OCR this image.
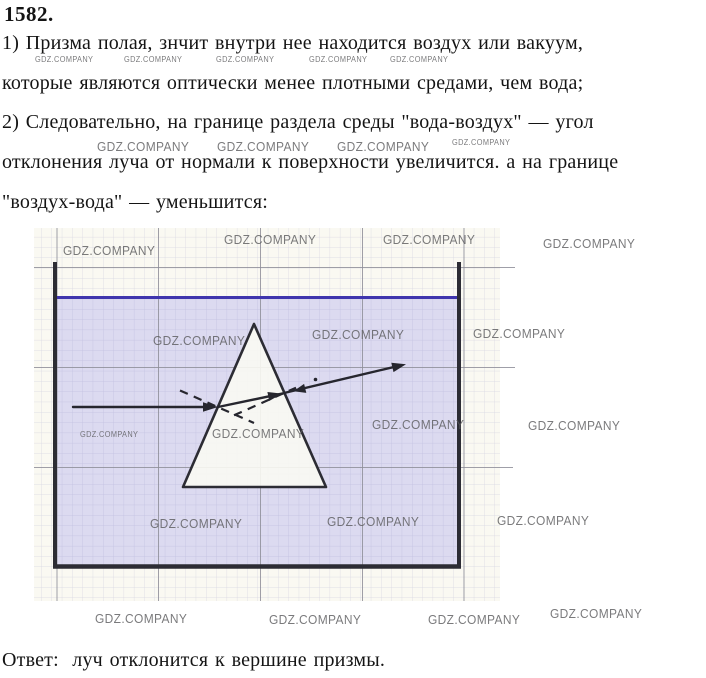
1582.
1) Призма полая, знчит внутри нее находится воздух или вакуум,
которые являются оптически менее плотными средами, чем вода;
2) Следовательно, на границе раздела среды "вода-воздух" — угол
отклонения луча от нормали к поверхности увеличится. а на границе
"воздух-вода" — уменьшится:
Ответ:  луч отклонится к вершине призмы.
GDZ.COMPANY	GDZ.COMPANY	GDZ.COMPANY	GDZ.COMPANY	GDZ.COMPANY
GDZ.COMPANY GDZ.COMPANY GDZ.COMPANY	GDZ.COMPANY
GDZ.COMPANY
GDZ.COMPANY	GDZ.COMPANY	GDZ.COMPANY
GDZ.COMPANY	GDZ.COMPANY	GDZ.COMPANY
GDZ.COMPANY	GDZ.COMPANY
GDZ.COMPANY	GDZ.COMPANY
GDZ.COMPANY	GDZ.COMPANY	GDZ.COMPANY
GDZ.COMPANY	GDZ.COMPANY	GDZ.COMPANY GDZ.COMPANY
